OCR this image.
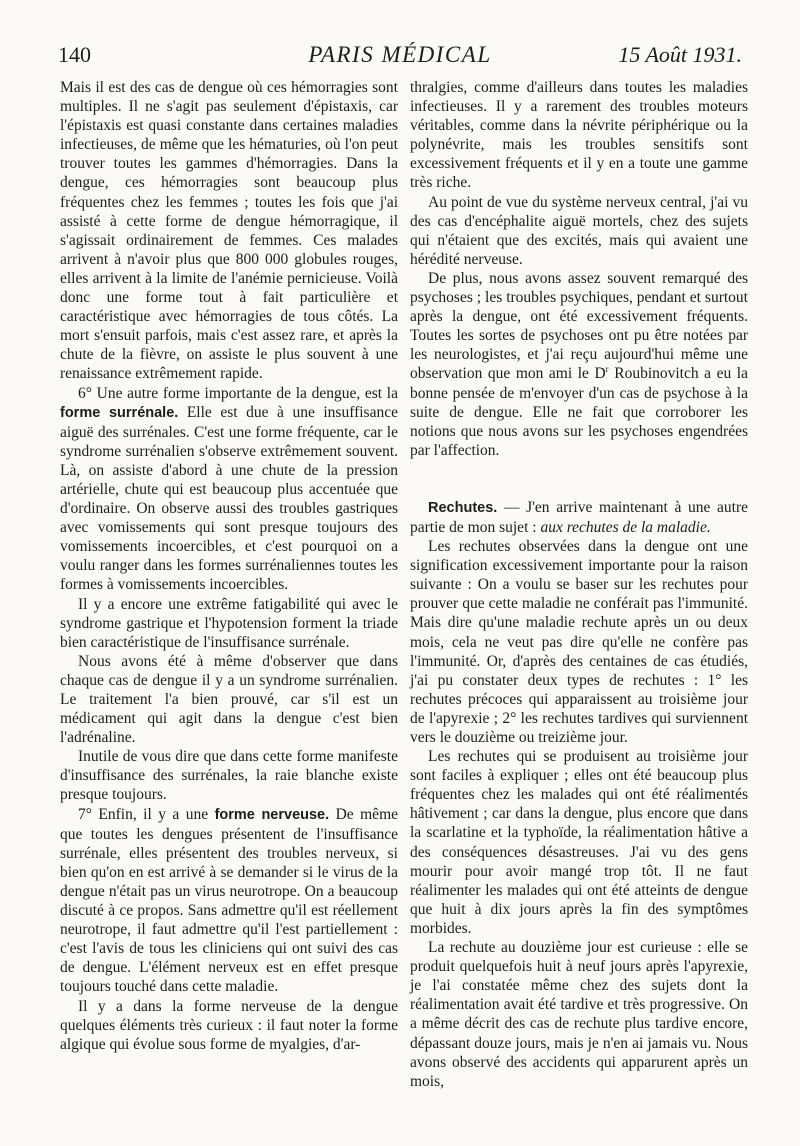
140	PARIS MÉDICAL	15 Août 1931.

Mais il est des cas de dengue où ces hémorragies sont multiples. Il ne s'agit pas seulement d'épistaxis, car l'épistaxis est quasi constante dans certaines maladies infectieuses, de même que les hématuries, où l'on peut trouver toutes les gammes d'hémorragies. Dans la dengue, ces hémorragies sont beaucoup plus fréquentes chez les femmes ; toutes les fois que j'ai assisté à cette forme de dengue hémorragique, il s'agissait ordinairement de femmes. Ces malades arrivent à n'avoir plus que 800 000 globules rouges, elles arrivent à la limite de l'anémie pernicieuse. Voilà donc une forme tout à fait particulière et caractéristique avec hémorragies de tous côtés. La mort s'ensuit parfois, mais c'est assez rare, et après la chute de la fièvre, on assiste le plus souvent à une renaissance extrêmement rapide.

6° Une autre forme importante de la dengue, est la forme surrénale. Elle est due à une insuffisance aiguë des surrénales. C'est une forme fréquente, car le syndrome surrénalien s'observe extrêmement souvent. Là, on assiste d'abord à une chute de la pression artérielle, chute qui est beaucoup plus accentuée que d'ordinaire. On observe aussi des troubles gastriques avec vomissements qui sont presque toujours des vomissements incoercibles, et c'est pourquoi on a voulu ranger dans les formes surrénaliennes toutes les formes à vomissements incoercibles.

Il y a encore une extrême fatigabilité qui avec le syndrome gastrique et l'hypotension forment la triade bien caractéristique de l'insuffisance surrénale.

Nous avons été à même d'observer que dans chaque cas de dengue il y a un syndrome surrénalien. Le traitement l'a bien prouvé, car s'il est un médicament qui agit dans la dengue c'est bien l'adrénaline.

Inutile de vous dire que dans cette forme manifeste d'insuffisance des surrénales, la raie blanche existe presque toujours.

7° Enfin, il y a une forme nerveuse. De même que toutes les dengues présentent de l'insuffisance surrénale, elles présentent des troubles nerveux, si bien qu'on en est arrivé à se demander si le virus de la dengue n'était pas un virus neurotrope. On a beaucoup discuté à ce propos. Sans admettre qu'il est réellement neurotrope, il faut admettre qu'il l'est partiellement : c'est l'avis de tous les cliniciens qui ont suivi des cas de dengue. L'élément nerveux est en effet presque toujours touché dans cette maladie.

Il y a dans la forme nerveuse de la dengue quelques éléments très curieux : il faut noter la forme algique qui évolue sous forme de myalgies, d'ar-

thralgies, comme d'ailleurs dans toutes les maladies infectieuses. Il y a rarement des troubles moteurs véritables, comme dans la névrite périphérique ou la polynévrite, mais les troubles sensitifs sont excessivement fréquents et il y en a toute une gamme très riche.

Au point de vue du système nerveux central, j'ai vu des cas d'encéphalite aiguë mortels, chez des sujets qui n'étaient que des excités, mais qui avaient une hérédité nerveuse.

De plus, nous avons assez souvent remarqué des psychoses ; les troubles psychiques, pendant et surtout après la dengue, ont été excessivement fréquents. Toutes les sortes de psychoses ont pu être notées par les neurologistes, et j'ai reçu aujourd'hui même une observation que mon ami le $D^r$ Roubinovitch a eu la bonne pensée de m'envoyer d'un cas de psychose à la suite de dengue. Elle ne fait que corroborer les notions que nous avons sur les psychoses engendrées par l'affection.

Rechutes. — J'en arrive maintenant à une autre partie de mon sujet : aux rechutes de la maladie.

Les rechutes observées dans la dengue ont une signification excessivement importante pour la raison suivante : On a voulu se baser sur les rechutes pour prouver que cette maladie ne conférait pas l'immunité. Mais dire qu'une maladie rechute après un ou deux mois, cela ne veut pas dire qu'elle ne confère pas l'immunité. Or, d'après des centaines de cas étudiés, j'ai pu constater deux types de rechutes : 1° les rechutes précoces qui apparaissent au troisième jour de l'apyrexie ; 2° les rechutes tardives qui surviennent vers le douzième ou treizième jour.

Les rechutes qui se produisent au troisième jour sont faciles à expliquer ; elles ont été beaucoup plus fréquentes chez les malades qui ont été réalimentés hâtivement ; car dans la dengue, plus encore que dans la scarlatine et la typhoïde, la réalimentation hâtive a des conséquences désastreuses. J'ai vu des gens mourir pour avoir mangé trop tôt. Il ne faut réalimenter les malades qui ont été atteints de dengue que huit à dix jours après la fin des symptômes morbides.

La rechute au douzième jour est curieuse : elle se produit quelquefois huit à neuf jours après l'apyrexie, je l'ai constatée même chez des sujets dont la réalimentation avait été tardive et très progressive. On a même décrit des cas de rechute plus tardive encore, dépassant douze jours, mais je n'en ai jamais vu. Nous avons observé des accidents qui apparurent après un mois,
